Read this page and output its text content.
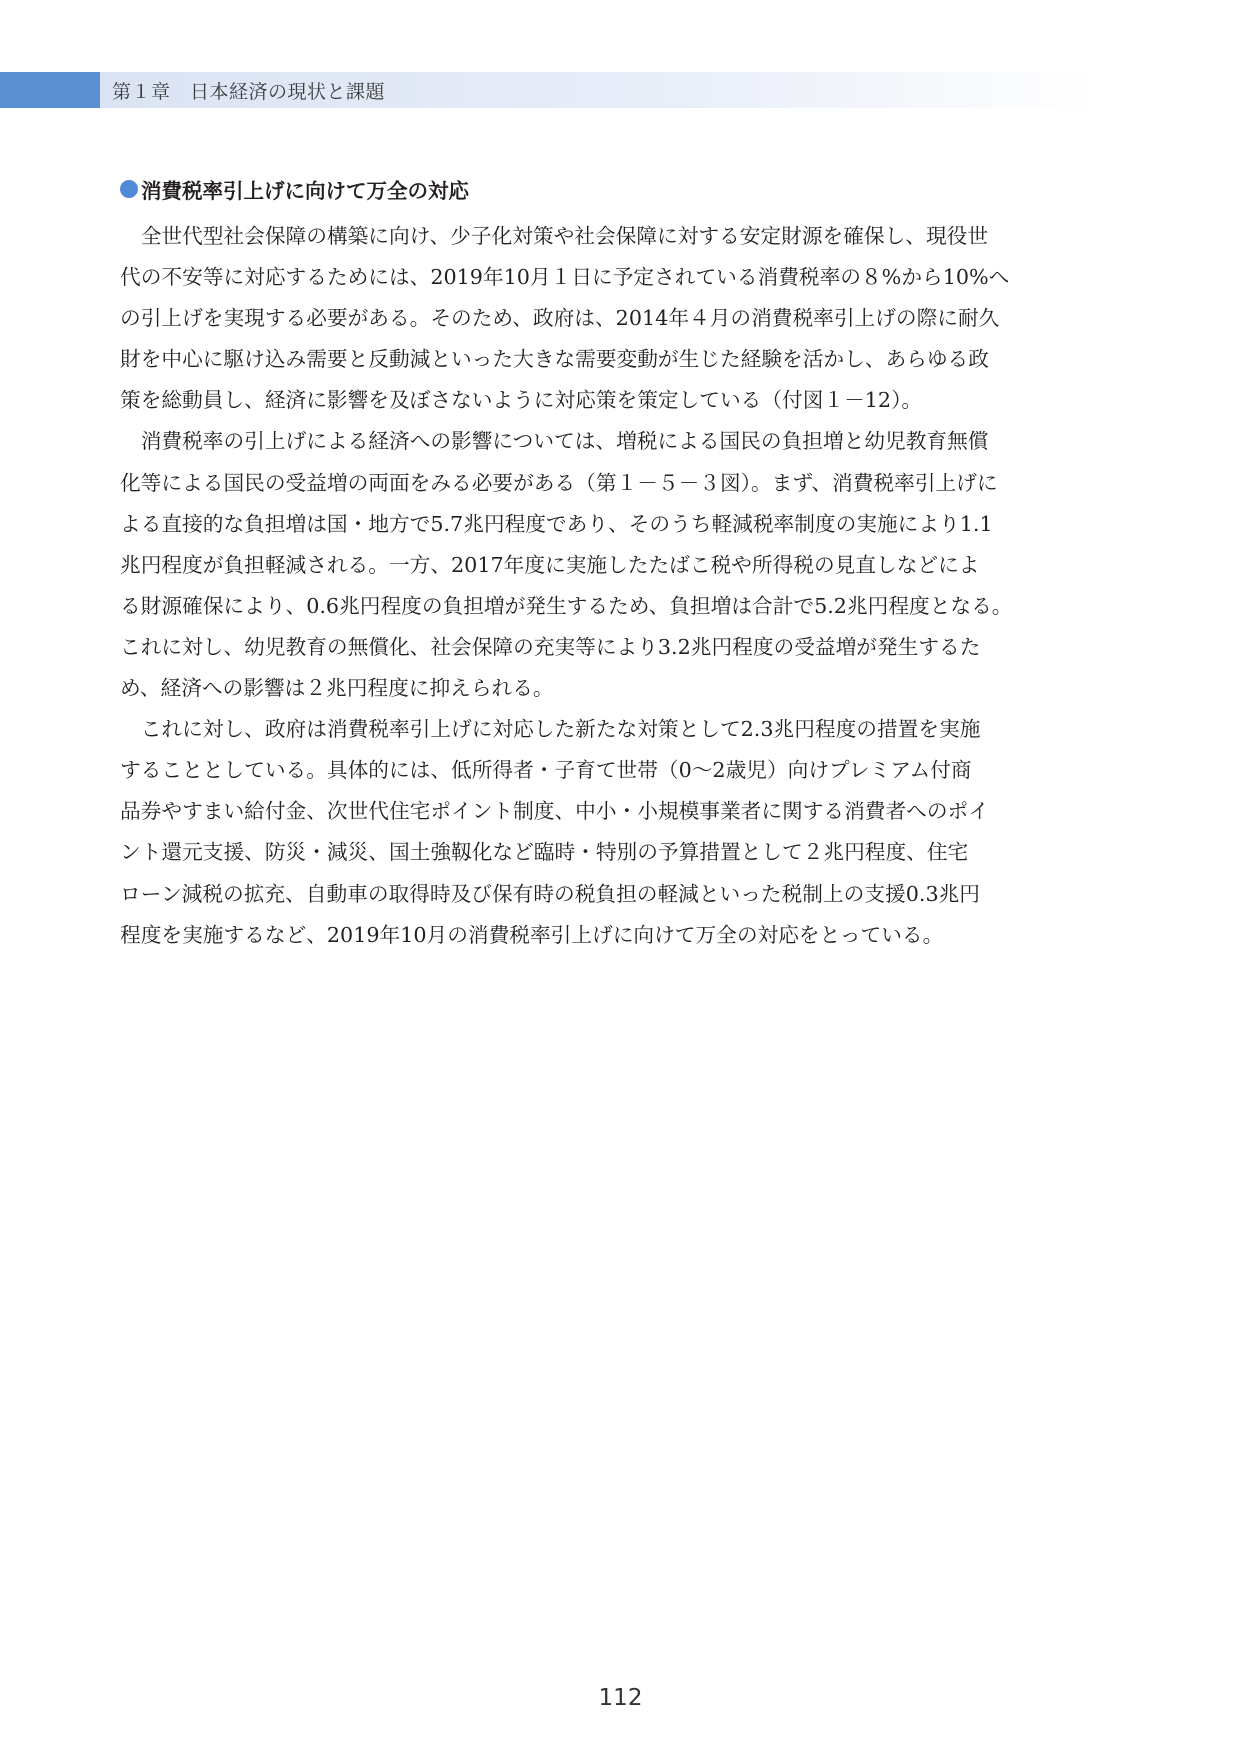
第１章　日本経済の現状と課題
消費税率引上げに向けて万全の対応
　全世代型社会保障の構築に向け、少子化対策や社会保障に対する安定財源を確保し、現役世
代の不安等に対応するためには、2019年10月１日に予定されている消費税率の８%から10%へ
の引上げを実現する必要がある。そのため、政府は、2014年４月の消費税率引上げの際に耐久
財を中心に駆け込み需要と反動減といった大きな需要変動が生じた経験を活かし、あらゆる政
策を総動員し、経済に影響を及ぼさないように対応策を策定している（付図１－12）。
　消費税率の引上げによる経済への影響については、増税による国民の負担増と幼児教育無償
化等による国民の受益増の両面をみる必要がある（第１－５－３図）。まず、消費税率引上げに
よる直接的な負担増は国・地方で5.7兆円程度であり、そのうち軽減税率制度の実施により1.1
兆円程度が負担軽減される。一方、2017年度に実施したたばこ税や所得税の見直しなどによ
る財源確保により、0.6兆円程度の負担増が発生するため、負担増は合計で5.2兆円程度となる。
これに対し、幼児教育の無償化、社会保障の充実等により3.2兆円程度の受益増が発生するた
め、経済への影響は２兆円程度に抑えられる。
　これに対し、政府は消費税率引上げに対応した新たな対策として2.3兆円程度の措置を実施
することとしている。具体的には、低所得者・子育て世帯（0～2歳児）向けプレミアム付商
品券やすまい給付金、次世代住宅ポイント制度、中小・小規模事業者に関する消費者へのポイ
ント還元支援、防災・減災、国土強靱化など臨時・特別の予算措置として２兆円程度、住宅
ローン減税の拡充、自動車の取得時及び保有時の税負担の軽減といった税制上の支援0.3兆円
程度を実施するなど、2019年10月の消費税率引上げに向けて万全の対応をとっている。
112
